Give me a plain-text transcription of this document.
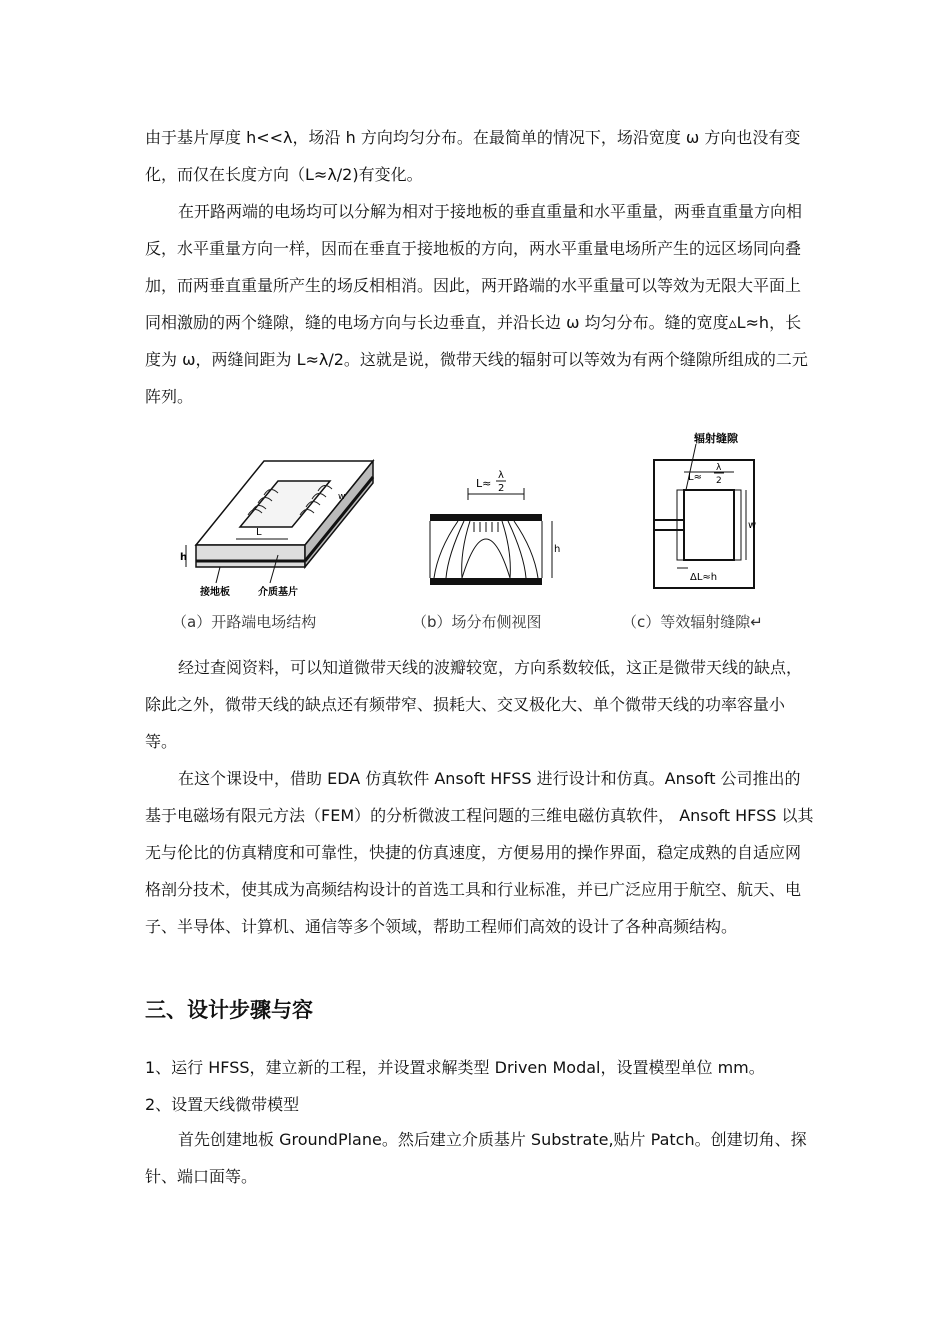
由于基片厚度 h<<λ，场沿 h 方向均匀分布。在最简单的情况下，场沿宽度 ω 方向也没有变化，而仅在长度方向（L≈λ/2)有变化。

在开路两端的电场均可以分解为相对于接地板的垂直重量和水平重量，两垂直重量方向相反，水平重量方向一样，因而在垂直于接地板的方向，两水平重量电场所产生的远区场同向叠加，而两垂直重量所产生的场反相相消。因此，两开路端的水平重量可以等效为无限大平面上同相激励的两个缝隙，缝的电场方向与长边垂直，并沿长边 ω 均匀分布。缝的宽度▵L≈h，长度为 ω，两缝间距为 L≈λ/2。这就是说，微带天线的辐射可以等效为有两个缝隙所组成的二元阵列。

L
w
h
接地板	介质基片
L≈
λ
2
h
辐射缝隙
L≈
λ
2
w
ΔL≈h
（a）开路端电场结构	（b）场分布侧视图	（c）等效辐射缝隙↵

经过查阅资料，可以知道微带天线的波瓣较宽，方向系数较低，这正是微带天线的缺点，除此之外，微带天线的缺点还有频带窄、损耗大、交叉极化大、单个微带天线的功率容量小等。

在这个课设中，借助 EDA 仿真软件 Ansoft HFSS 进行设计和仿真。Ansoft 公司推出的基于电磁场有限元方法（FEM）的分析微波工程问题的三维电磁仿真软件， Ansoft HFSS 以其无与伦比的仿真精度和可靠性，快捷的仿真速度，方便易用的操作界面，稳定成熟的自适应网格剖分技术，使其成为高频结构设计的首选工具和行业标准，并已广泛应用于航空、航天、电子、半导体、计算机、通信等多个领域，帮助工程师们高效的设计了各种高频结构。

三、设计步骤与容

1、运行 HFSS，建立新的工程，并设置求解类型 Driven Modal，设置模型单位 mm。

2、设置天线微带模型

首先创建地板 GroundPlane。然后建立介质基片 Substrate,贴片 Patch。创建切角、探针、端口面等。
